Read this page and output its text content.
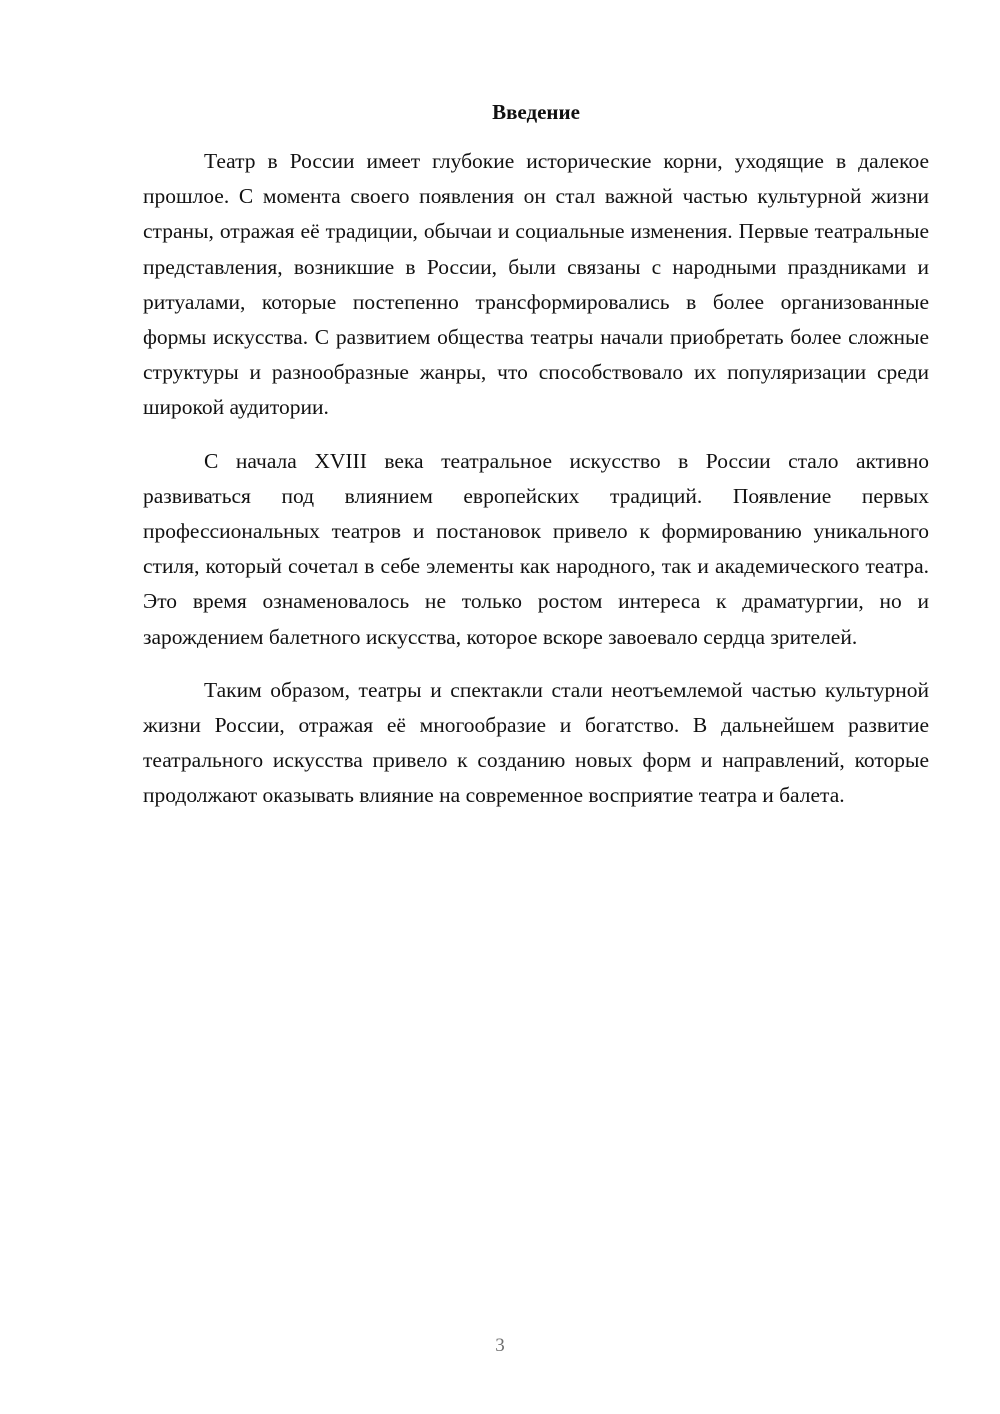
Введение

Театр в России имеет глубокие исторические корни, уходящие в далекое прошлое. С момента своего появления он стал важной частью культурной жизни страны, отражая её традиции, обычаи и социальные изменения. Первые театральные представления, возникшие в России, были связаны с народными праздниками и ритуалами, которые постепенно трансформировались в более организованные формы искусства. С развитием общества театры начали приобретать более сложные структуры и разнообразные жанры, что способствовало их популяризации среди широкой аудитории.

С начала XVIII века театральное искусство в России стало активно развиваться под влиянием европейских традиций. Появление первых профессиональных театров и постановок привело к формированию уникального стиля, который сочетал в себе элементы как народного, так и академического театра. Это время ознаменовалось не только ростом интереса к драматургии, но и зарождением балетного искусства, которое вскоре завоевало сердца зрителей.

Таким образом, театры и спектакли стали неотъемлемой частью культурной жизни России, отражая её многообразие и богатство. В дальнейшем развитие театрального искусства привело к созданию новых форм и направлений, которые продолжают оказывать влияние на современное восприятие театра и балета.

3
